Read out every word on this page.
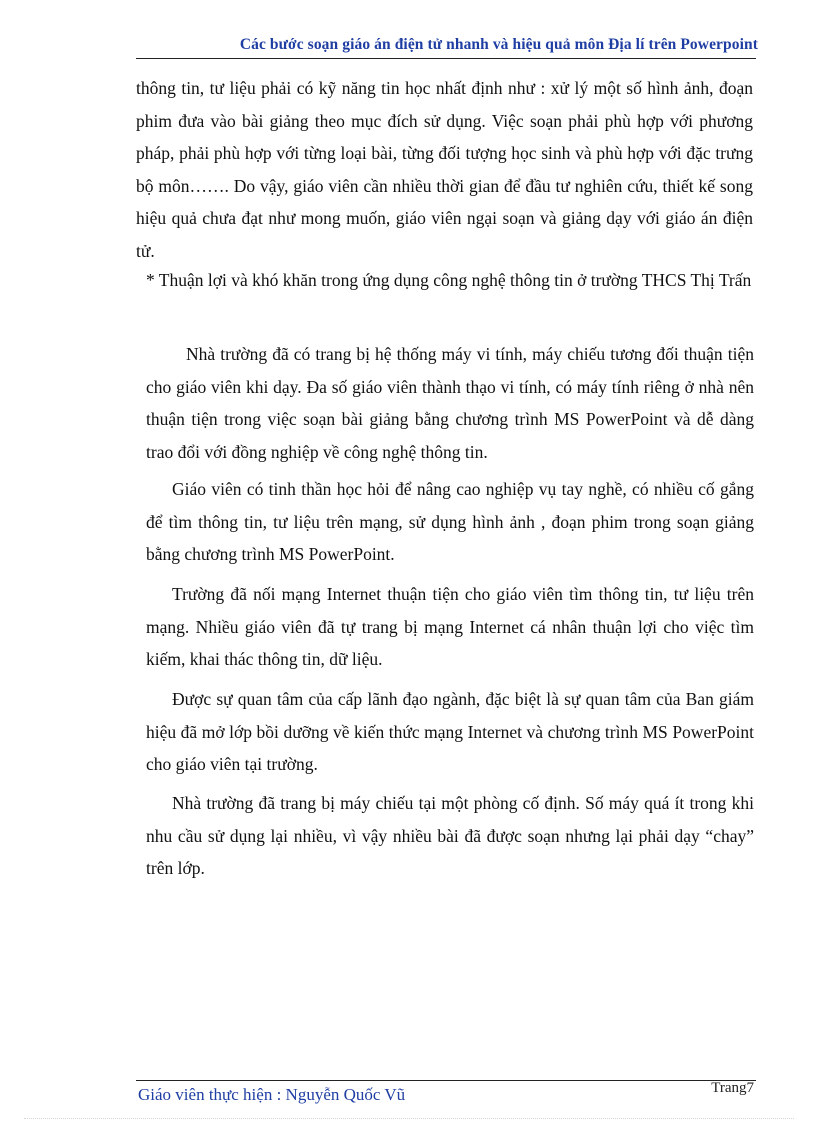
Các bước soạn giáo án điện tử nhanh và hiệu quả môn Địa lí trên Powerpoint
thông tin, tư liệu phải có kỹ năng tin học nhất định như : xử lý một số hình ảnh, đoạn phim đưa vào bài giảng theo mục đích sử dụng. Việc soạn phải phù hợp với phương pháp, phải phù hợp với từng loại bài, từng đối tượng học sinh và phù hợp với đặc trưng bộ môn……. Do vậy, giáo viên cần nhiều thời gian để đầu tư nghiên cứu, thiết kế song hiệu quả chưa đạt như mong muốn, giáo viên ngại soạn và giảng dạy với giáo án điện tử.
* Thuận lợi và khó khăn trong ứng dụng công nghệ thông tin ở trường THCS Thị Trấn
Nhà trường đã có trang bị hệ thống máy vi tính, máy chiếu tương đối thuận tiện cho giáo viên khi dạy. Đa số giáo viên thành thạo vi tính, có máy tính riêng ở nhà nên thuận tiện trong việc soạn bài giảng bằng chương trình MS PowerPoint và dễ dàng trao đổi với đồng nghiệp về công nghệ thông tin.
Giáo viên có tinh thần học hỏi để nâng cao nghiệp vụ tay nghề, có nhiều cố gắng để tìm thông tin, tư liệu trên mạng, sử dụng hình ảnh , đoạn phim trong soạn giảng bằng chương trình MS PowerPoint.
Trường đã nối mạng Internet thuận tiện cho giáo viên tìm thông tin, tư liệu trên mạng. Nhiều giáo viên đã tự trang bị mạng Internet cá nhân thuận lợi cho việc tìm kiếm, khai thác thông tin, dữ liệu.
Được sự quan tâm của cấp lãnh đạo ngành, đặc biệt là sự quan tâm của Ban giám hiệu đã mở lớp bồi dưỡng về kiến thức mạng Internet và chương trình MS PowerPoint cho giáo viên tại trường.
Nhà trường đã trang bị máy chiếu tại một phòng cố định. Số máy quá ít trong khi nhu cầu sử dụng lại nhiều, vì vậy nhiều bài đã được soạn nhưng lại phải dạy “chay” trên lớp.
Giáo viên thực hiện : Nguyễn Quốc Vũ	Trang7
